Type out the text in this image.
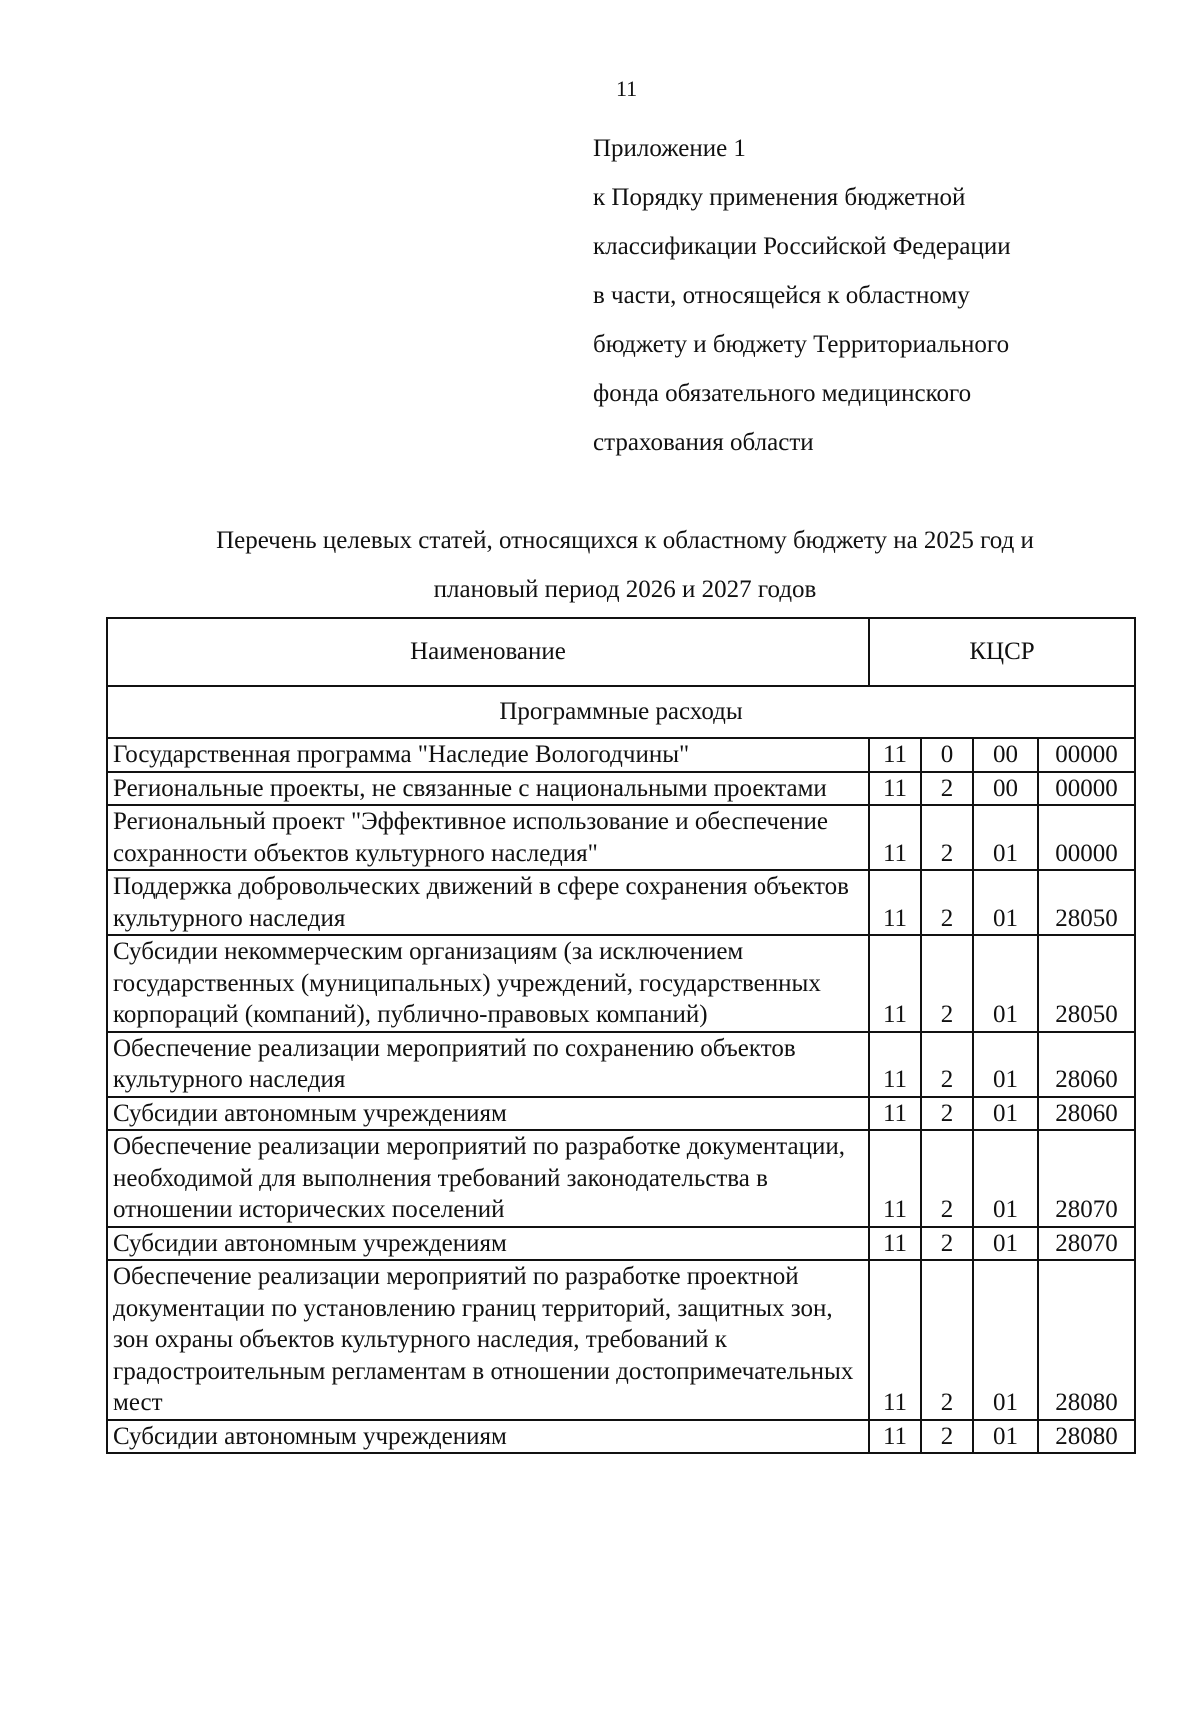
11
Приложение 1
к Порядку применения бюджетной
классификации Российской Федерации
в части, относящейся к областному
бюджету и бюджету Территориального
фонда обязательного медицинского
страхования области
Перечень целевых статей, относящихся к областному бюджету на 2025 год и
плановый период 2026 и 2027 годов
Наименование	КЦСР			
Программные расходы				
Государственная программа "Наследие Вологодчины"	11	0	00	00000
Региональные проекты, не связанные с национальными проектами	11	2	00	00000
Региональный проект "Эффективное использование и обеспечение сохранности объектов культурного наследия"	11	2	01	00000
Поддержка добровольческих движений в сфере сохранения объектов культурного наследия	11	2	01	28050
Субсидии некоммерческим организациям (за исключением государственных (муниципальных) учреждений, государственных корпораций (компаний), публично-правовых компаний)	11	2	01	28050
Обеспечение реализации мероприятий по сохранению объектов культурного наследия	11	2	01	28060
Субсидии автономным учреждениям	11	2	01	28060
Обеспечение реализации мероприятий по разработке документации, необходимой для выполнения требований законодательства в отношении исторических поселений	11	2	01	28070
Субсидии автономным учреждениям	11	2	01	28070
Обеспечение реализации мероприятий по разработке проектной документации по установлению границ территорий, защитных зон, зон охраны объектов культурного наследия, требований к градостроительным регламентам в отношении достопримечательных мест	11	2	01	28080
Субсидии автономным учреждениям	11	2	01	28080
